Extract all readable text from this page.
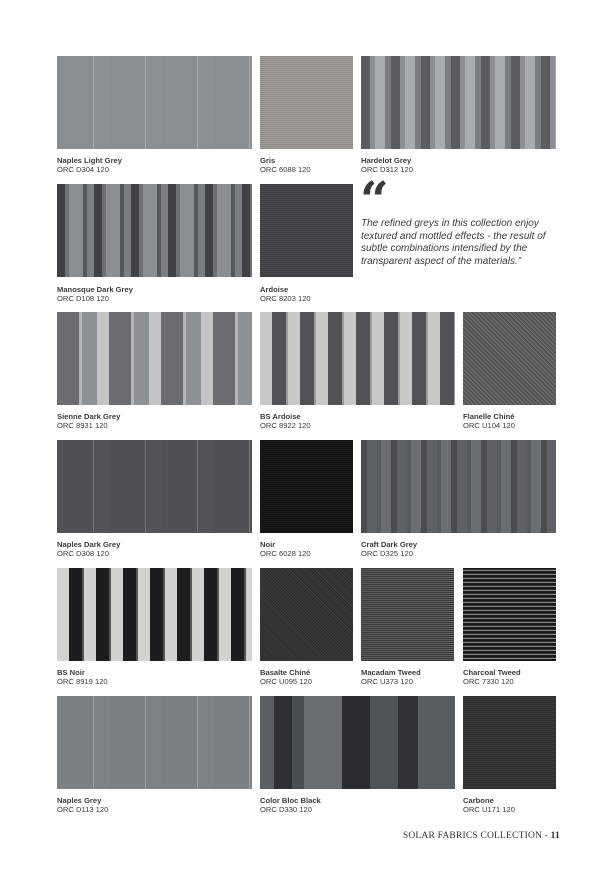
Naples Light Grey
ORC D304 120
Gris
ORC 6088 120
Hardelot Grey
ORC D312 120
Manosque Dark Grey
ORC D108 120
Ardoise
ORC 8203 120
“
The refined greys in this collection enjoy textured and mottled effects - the result of subtle combinations intensified by the transparent aspect of the materials.”
Sienne Dark Grey
ORC 8931 120
BS Ardoise
ORC 8922 120
Flanelle Chiné
ORC U104 120
Naples Dark Grey
ORC D308 120
Noir
ORC 6028 120
Craft Dark Grey
ORC D325 120
BS Noir
ORC 8919 120
Basalte Chiné
ORC U095 120
Macadam Tweed
ORC U373 120
Charcoal Tweed
ORC 7330 120
Naples Grey
ORC D113 120
Color Bloc Black
ORC D330 120
Carbone
ORC U171 120
SOLAR FABRICS COLLECTION - 11
